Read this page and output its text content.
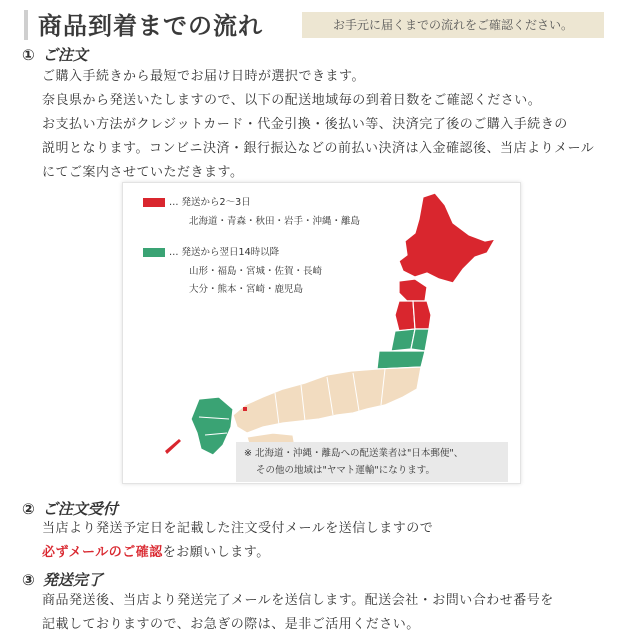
商品到着までの流れ	お手元に届くまでの流れをご確認ください。
① ご注文

ご購入手続きから最短でお届け日時が選択できます。

奈良県から発送いたしますので、以下の配送地域毎の到着日数をご確認ください。

お支払い方法がクレジットカード・代金引換・後払い等、決済完了後のご購入手続きの

説明となります。コンビニ決済・銀行振込などの前払い決済は入金確認後、当店よりメール

にてご案内させていただきます。

… 発送から2～3日
北海道・青森・秋田・岩手・沖縄・離島
… 発送から翌日14時以降
山形・福島・宮城・佐賀・長崎
大分・熊本・宮崎・鹿児島
※ 北海道・沖縄・離島への配送業者は"日本郵便"、
その他の地域は"ヤマト運輸"になります。
② ご注文受付

当店より発送予定日を記載した注文受付メールを送信しますので

必ずメールのご確認をお願いします。

③ 発送完了

商品発送後、当店より発送完了メールを送信します。配送会社・お問い合わせ番号を

記載しておりますので、お急ぎの際は、是非ご活用ください。
